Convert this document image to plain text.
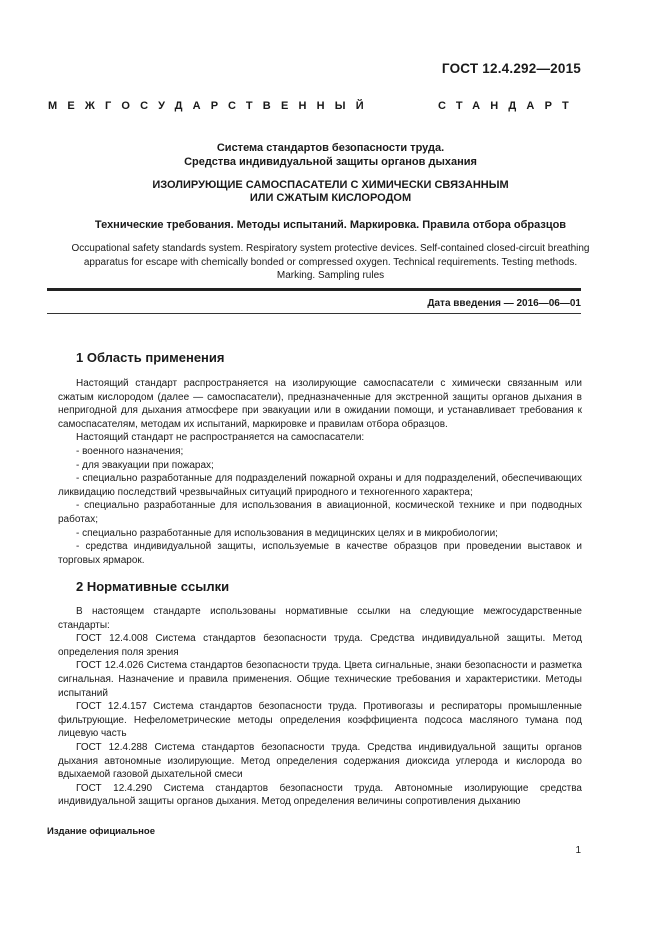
ГОСТ 12.4.292—2015
МЕЖГОСУДАРСТВЕННЫЙ	СТАНДАРТ
Система стандартов безопасности труда.
Средства индивидуальной защиты органов дыхания
ИЗОЛИРУЮЩИЕ САМОСПАСАТЕЛИ С ХИМИЧЕСКИ СВЯЗАННЫМ
ИЛИ СЖАТЫМ КИСЛОРОДОМ
Технические требования. Методы испытаний. Маркировка. Правила отбора образцов
Occupational safety standards system. Respiratory system protective devices. Self-contained closed-circuit breathing
apparatus for escape with chemically bonded or compressed oxygen. Technical requirements. Testing methods.
Marking. Sampling rules
Дата введения — 2016—06—01
1 Область применения

Настоящий стандарт распространяется на изолирующие самоспасатели с химически связанным или сжатым кислородом (далее — самоспасатели), предназначенные для экстренной защиты органов дыхания в непригодной для дыхания атмосфере при эвакуации или в ожидании помощи, и устанавливает требования к самоспасателям, методам их испытаний, маркировке и правилам отбора образцов.

Настоящий стандарт не распространяется на самоспасатели:

- военного назначения;

- для эвакуации при пожарах;

- специально разработанные для подразделений пожарной охраны и для подразделений, обеспечивающих ликвидацию последствий чрезвычайных ситуаций природного и техногенного характера;

- специально разработанные для использования в авиационной, космической технике и при подводных работах;

- специально разработанные для использования в медицинских целях и в микробиологии;

- средства индивидуальной защиты, используемые в качестве образцов при проведении выставок и торговых ярмарок.

2 Нормативные ссылки

В настоящем стандарте использованы нормативные ссылки на следующие межгосударственные стандарты:

ГОСТ 12.4.008 Система стандартов безопасности труда. Средства индивидуальной защиты. Метод определения поля зрения

ГОСТ 12.4.026 Система стандартов безопасности труда. Цвета сигнальные, знаки безопасности и разметка сигнальная. Назначение и правила применения. Общие технические требования и характеристики. Методы испытаний

ГОСТ 12.4.157 Система стандартов безопасности труда. Противогазы и респираторы промышленные фильтрующие. Нефелометрические методы определения коэффициента подсоса масляного тумана под лицевую часть

ГОСТ 12.4.288 Система стандартов безопасности труда. Средства индивидуальной защиты органов дыхания автономные изолирующие. Метод определения содержания диоксида углерода и кислорода во вдыхаемой газовой дыхательной смеси

ГОСТ 12.4.290 Система стандартов безопасности труда. Автономные изолирующие средства индивидуальной защиты органов дыхания. Метод определения величины сопротивления дыханию

Издание официальное
1
